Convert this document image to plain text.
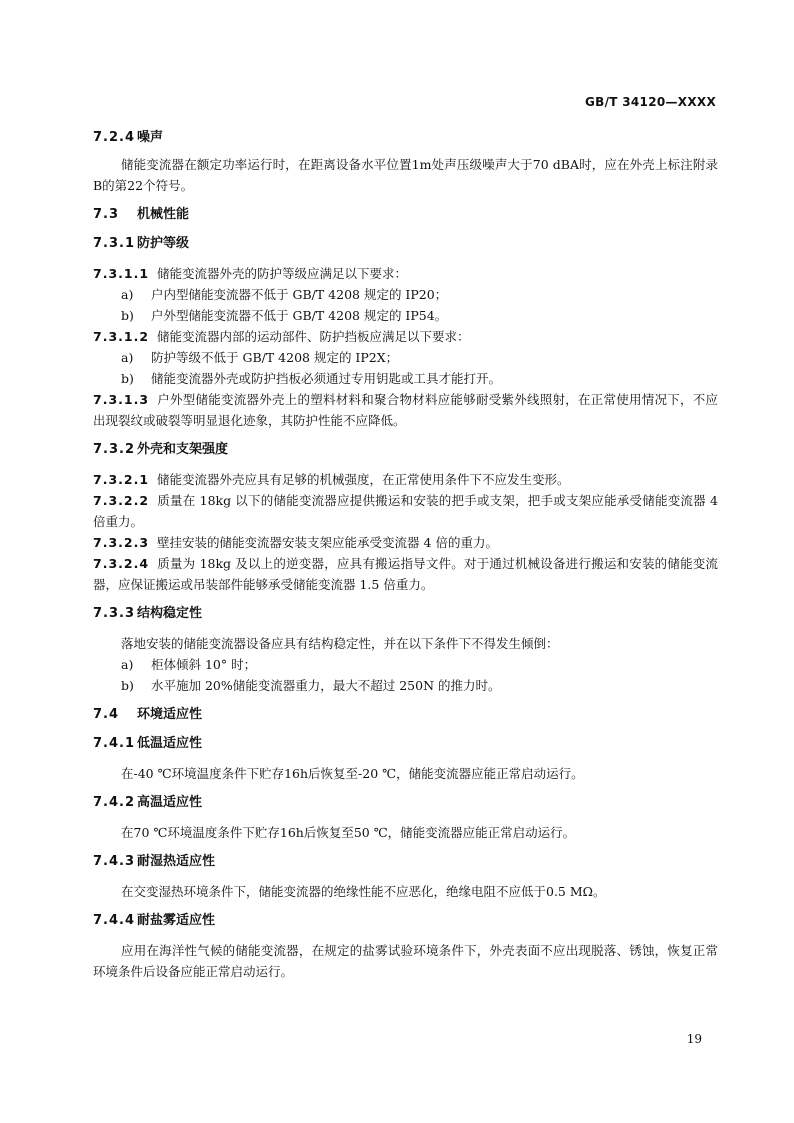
GB/T 34120—XXXX
7.2.4 噪声

储能变流器在额定功率运行时，在距离设备水平位置1m处声压级噪声大于70 dBA时，应在外壳上标注附录B的第22个符号。

7.3 机械性能
7.3.1 防护等级

7.3.1.1 储能变流器外壳的防护等级应满足以下要求：

a) 户内型储能变流器不低于 GB/T 4208 规定的 IP20；

b) 户外型储能变流器不低于 GB/T 4208 规定的 IP54。

7.3.1.2 储能变流器内部的运动部件、防护挡板应满足以下要求：

a) 防护等级不低于 GB/T 4208 规定的 IP2X；

b) 储能变流器外壳或防护挡板必须通过专用钥匙或工具才能打开。

7.3.1.3 户外型储能变流器外壳上的塑料材料和聚合物材料应能够耐受紫外线照射，在正常使用情况下，不应出现裂纹或破裂等明显退化迹象，其防护性能不应降低。

7.3.2 外壳和支架强度

7.3.2.1 储能变流器外壳应具有足够的机械强度，在正常使用条件下不应发生变形。

7.3.2.2 质量在 18kg 以下的储能变流器应提供搬运和安装的把手或支架，把手或支架应能承受储能变流器 4 倍重力。

7.3.2.3 壁挂安装的储能变流器安装支架应能承受变流器 4 倍的重力。

7.3.2.4 质量为 18kg 及以上的逆变器，应具有搬运指导文件。对于通过机械设备进行搬运和安装的储能变流器，应保证搬运或吊装部件能够承受储能变流器 1.5 倍重力。

7.3.3 结构稳定性

落地安装的储能变流器设备应具有结构稳定性，并在以下条件下不得发生倾倒：

a) 柜体倾斜 10° 时；

b) 水平施加 20%储能变流器重力，最大不超过 250N 的推力时。

7.4 环境适应性
7.4.1 低温适应性

在-40 ℃环境温度条件下贮存16h后恢复至-20 ℃，储能变流器应能正常启动运行。

7.4.2 高温适应性

在70 ℃环境温度条件下贮存16h后恢复至50 ℃，储能变流器应能正常启动运行。

7.4.3 耐湿热适应性

在交变湿热环境条件下，储能变流器的绝缘性能不应恶化，绝缘电阻不应低于0.5 MΩ。

7.4.4 耐盐雾适应性

应用在海洋性气候的储能变流器，在规定的盐雾试验环境条件下，外壳表面不应出现脱落、锈蚀，恢复正常环境条件后设备应能正常启动运行。

19
